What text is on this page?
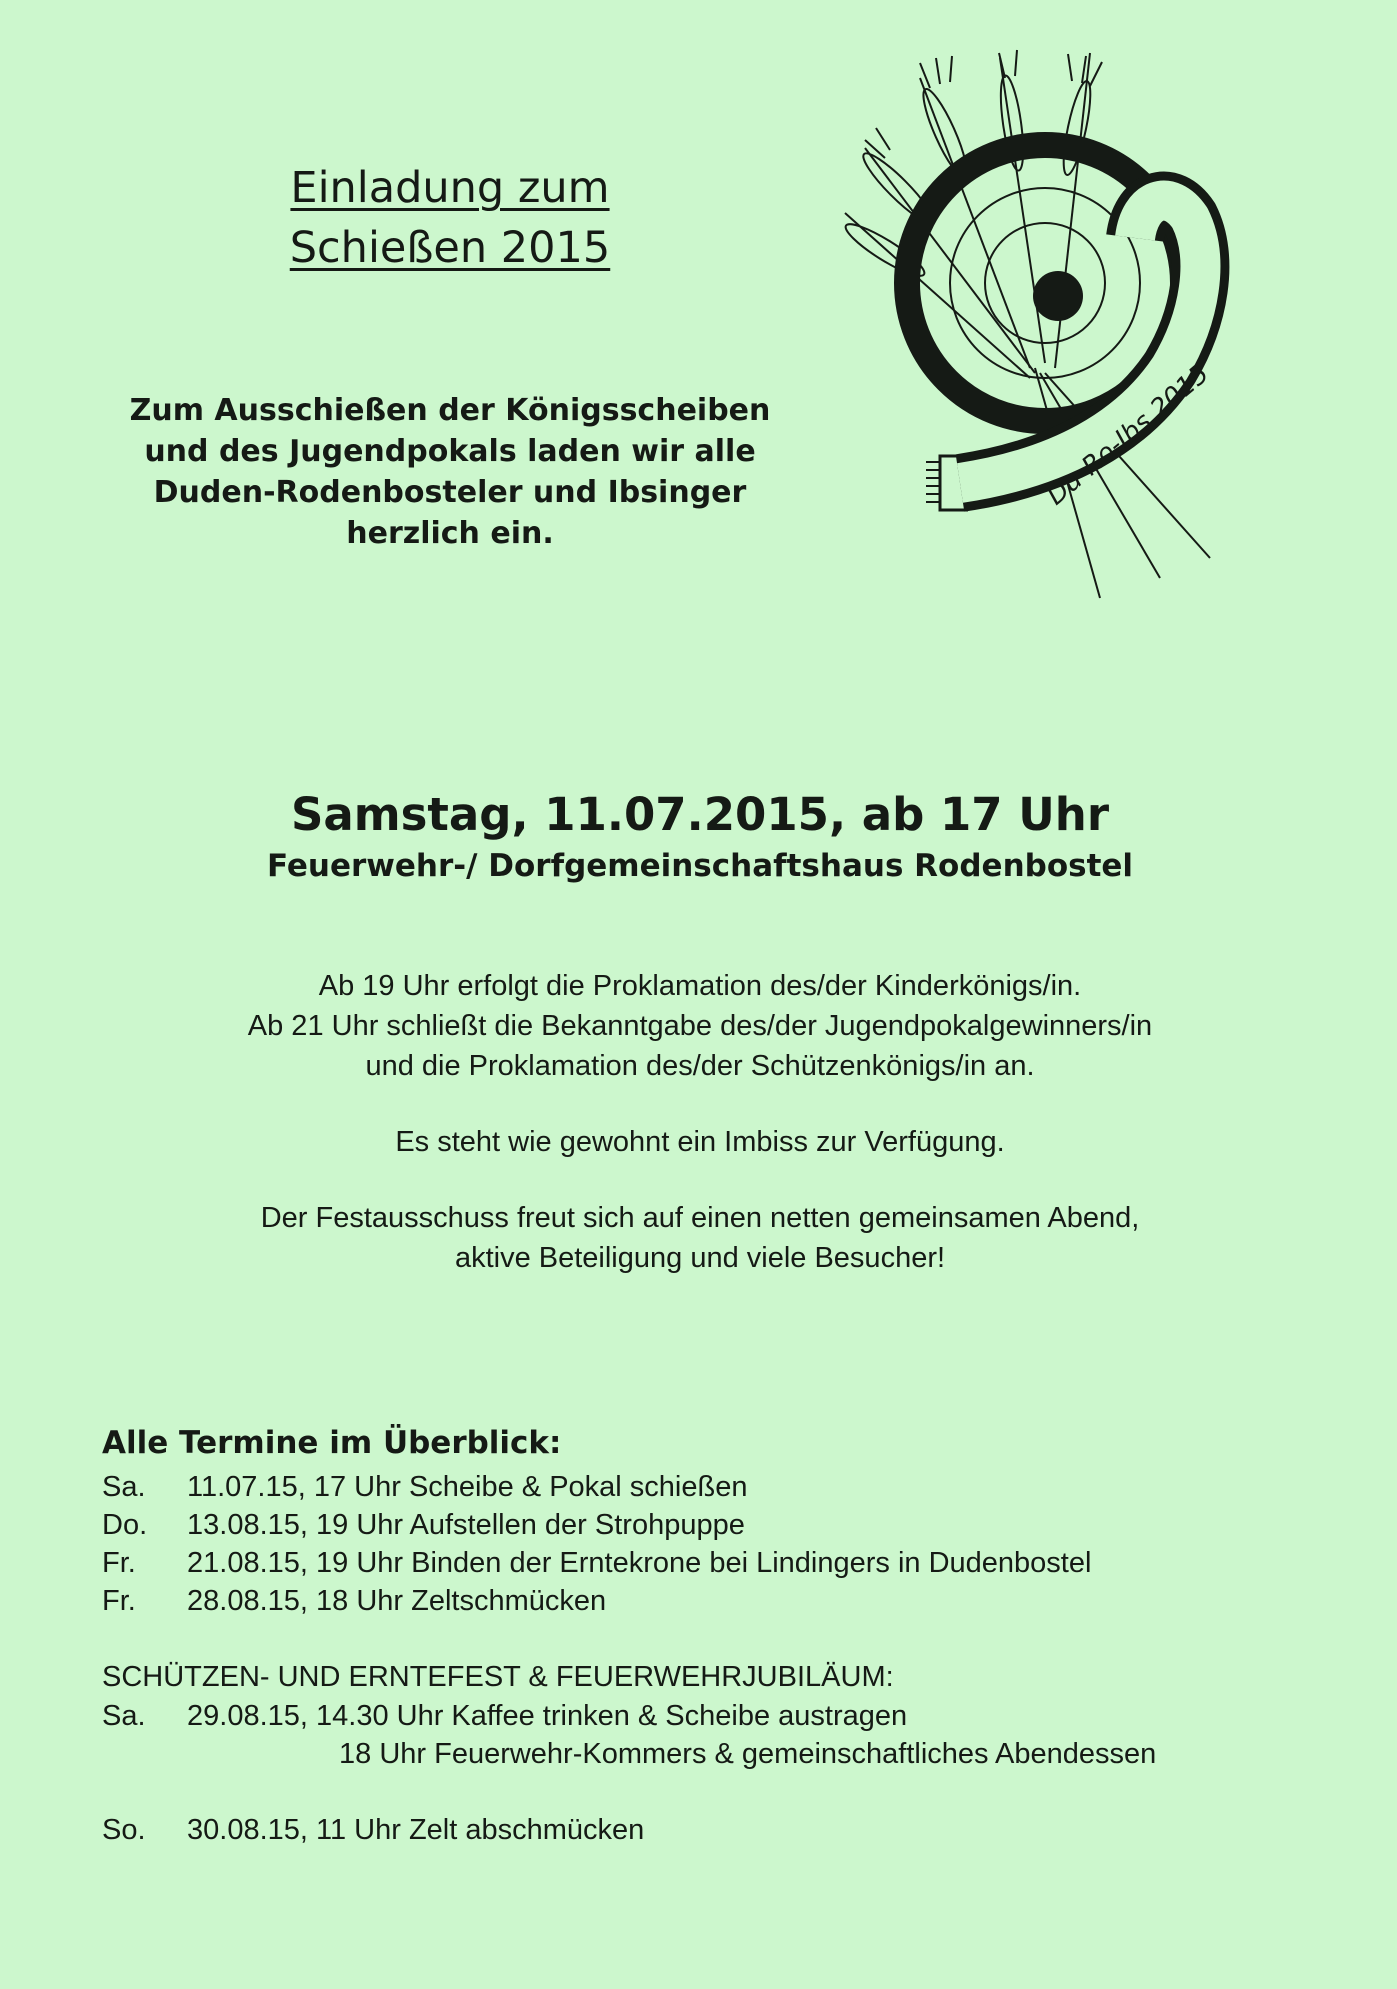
Einladung zum
Schießen 2015
Zum Ausschießen der Königsscheiben
und des Jugendpokals laden wir alle
Duden-Rodenbosteler und Ibsinger
herzlich ein.
Du-Ro-Ibs 2015
Samstag, 11.07.2015, ab 17 Uhr
Feuerwehr-/ Dorfgemeinschaftshaus Rodenbostel
Ab 19 Uhr erfolgt die Proklamation des/der Kinderkönigs/in.
Ab 21 Uhr schließt die Bekanntgabe des/der Jugendpokalgewinners/in
und die Proklamation des/der Schützenkönigs/in an.
Es steht wie gewohnt ein Imbiss zur Verfügung.
Der Festausschuss freut sich auf einen netten gemeinsamen Abend,
aktive Beteiligung und viele Besucher!
Alle Termine im Überblick:
Sa.	11.07.15, 17 Uhr Scheibe & Pokal schießen
Do.	13.08.15, 19 Uhr Aufstellen der Strohpuppe
Fr.	21.08.15, 19 Uhr Binden der Erntekrone bei Lindingers in Dudenbostel
Fr.	28.08.15, 18 Uhr Zeltschmücken
SCHÜTZEN- UND ERNTEFEST & FEUERWEHRJUBILÄUM:
Sa.	29.08.15, 14.30 Uhr Kaffee trinken & Scheibe austragen
18 Uhr Feuerwehr-Kommers & gemeinschaftliches Abendessen
So.	30.08.15, 11 Uhr Zelt abschmücken
